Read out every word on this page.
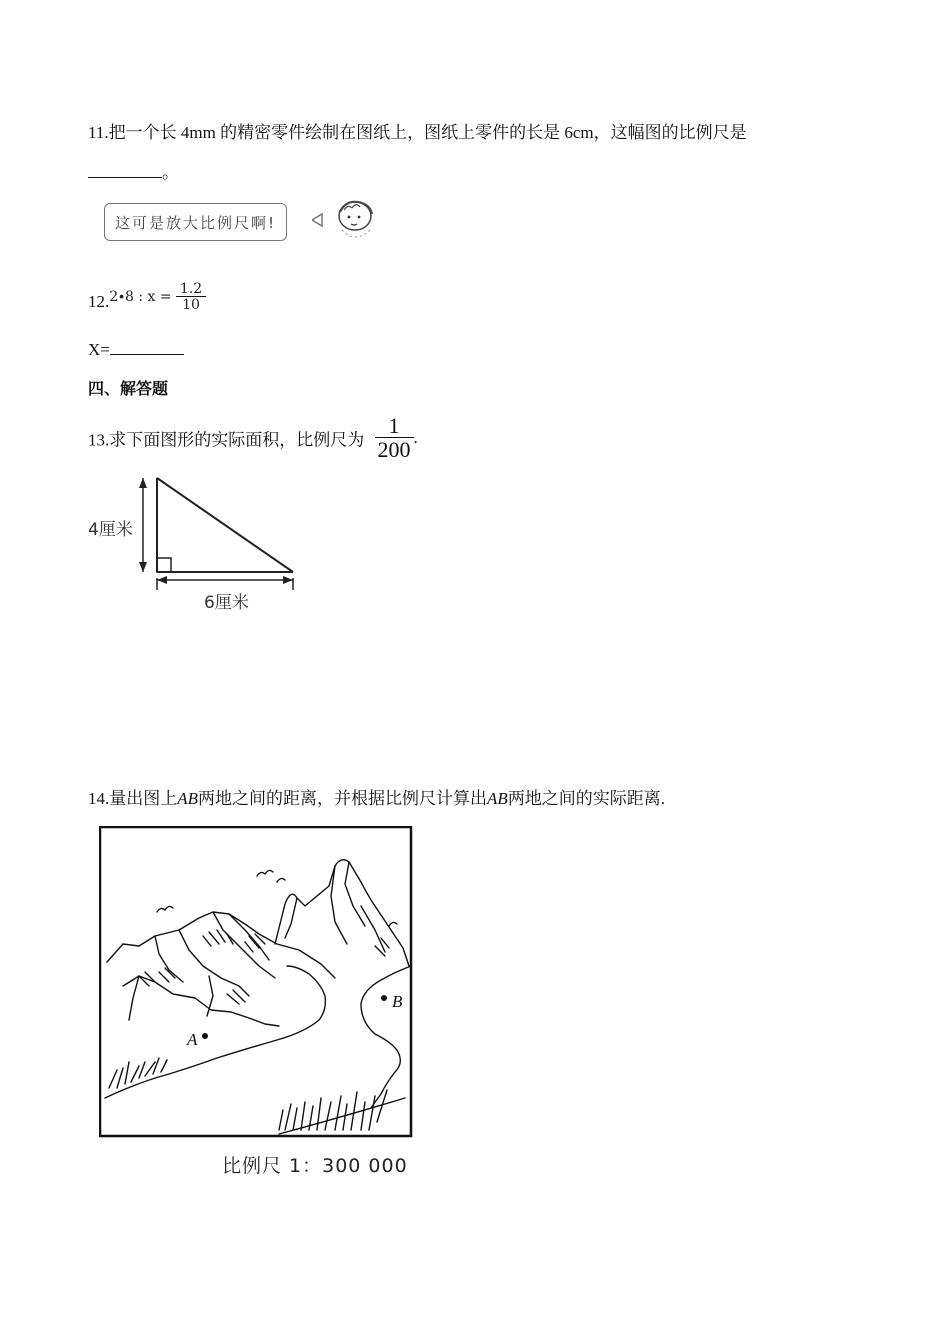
11.把一个长 4mm 的精密零件绘制在图纸上，图纸上零件的长是 6cm，这幅图的比例尺是
。
这可是放大比例尺啊!
12.2∙8 : $x = \frac{1.2}{10}$
X=
四、解答题
13.求下面图形的实际面积，比例尺为 $\frac{1}{200}$ .
4厘米
6厘米
14.量出图上AB两地之间的距离，并根据比例尺计算出AB两地之间的实际距离.
A
B
比例尺 1：300 000
